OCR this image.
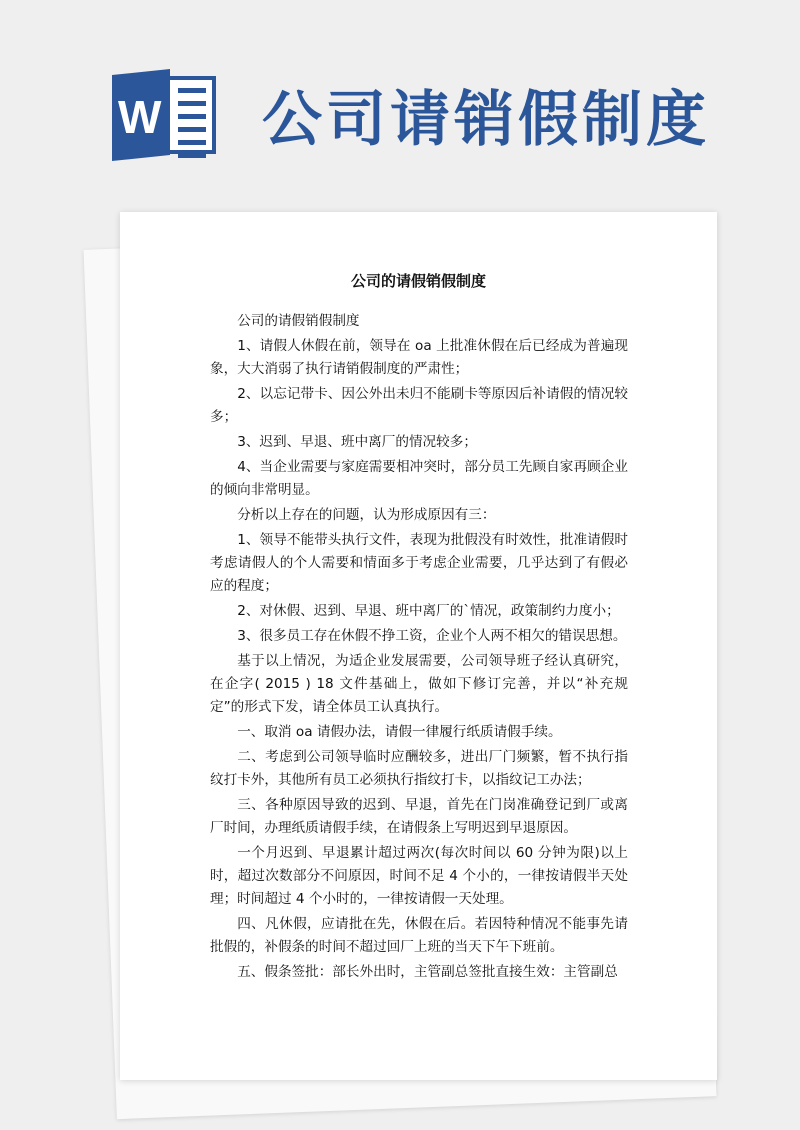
W 公司请销假制度
公司的请假销假制度

公司的请假销假制度

1、请假人休假在前，领导在 oa 上批准休假在后已经成为普遍现象，大大消弱了执行请销假制度的严肃性；

2、以忘记带卡、因公外出未归不能刷卡等原因后补请假的情况较多；

3、迟到、早退、班中离厂的情况较多；

4、当企业需要与家庭需要相冲突时，部分员工先顾自家再顾企业的倾向非常明显。

分析以上存在的问题，认为形成原因有三：

1、领导不能带头执行文件，表现为批假没有时效性，批准请假时考虑请假人的个人需要和情面多于考虑企业需要，几乎达到了有假必应的程度；

2、对休假、迟到、早退、班中离厂的`情况，政策制约力度小；

3、很多员工存在休假不挣工资，企业个人两不相欠的错误思想。

基于以上情况，为适企业发展需要，公司领导班子经认真研究，在企字( 2015 ) 18 文件基础上，做如下修订完善，并以“补充规定”的形式下发，请全体员工认真执行。

一、取消 oa 请假办法，请假一律履行纸质请假手续。

二、考虑到公司领导临时应酬较多，进出厂门频繁，暂不执行指纹打卡外，其他所有员工必须执行指纹打卡，以指纹记工办法；

三、各种原因导致的迟到、早退，首先在门岗准确登记到厂或离厂时间，办理纸质请假手续，在请假条上写明迟到早退原因。

一个月迟到、早退累计超过两次(每次时间以 60 分钟为限)以上时，超过次数部分不问原因，时间不足 4 个小的，一律按请假半天处理；时间超过 4 个小时的，一律按请假一天处理。

四、凡休假，应请批在先，休假在后。若因特种情况不能事先请批假的，补假条的时间不超过回厂上班的当天下午下班前。

五、假条签批：部长外出时，主管副总签批直接生效：主管副总
